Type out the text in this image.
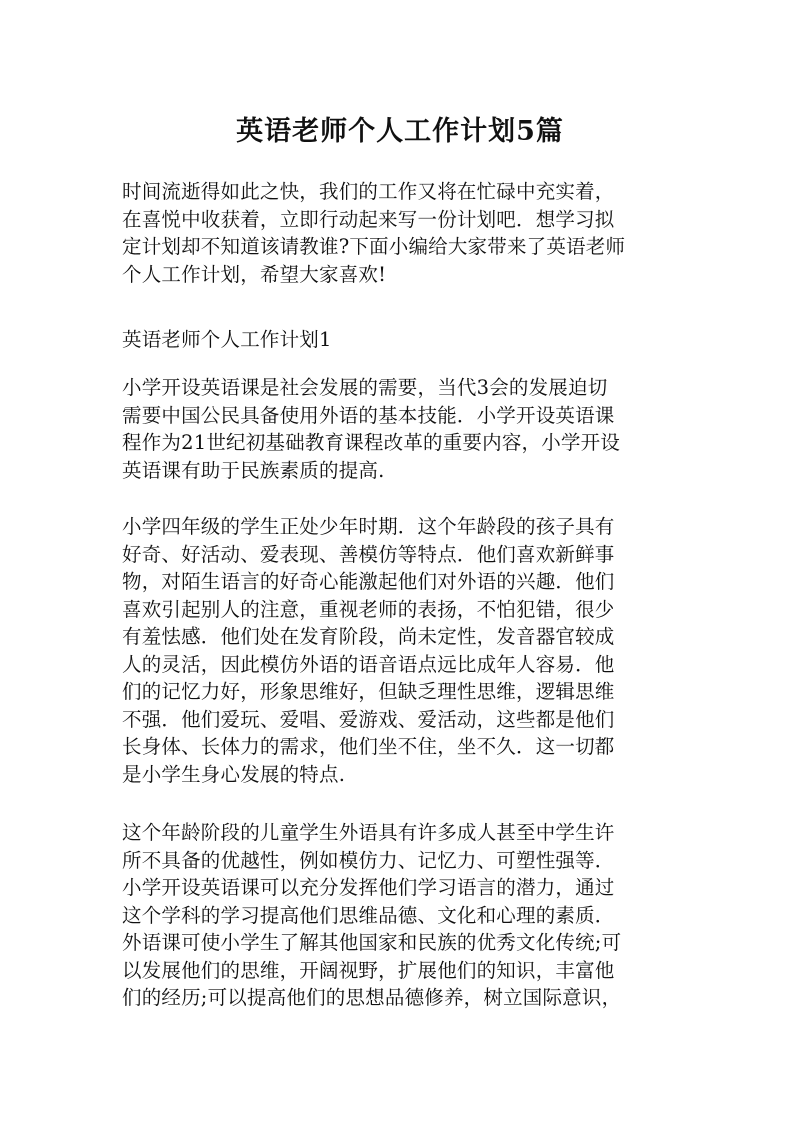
英语老师个人工作计划5篇
时间流逝得如此之快，我们的工作又将在忙碌中充实着，
在喜悦中收获着，立即行动起来写一份计划吧．想学习拟
定计划却不知道该请教谁?下面小编给大家带来了英语老师
个人工作计划，希望大家喜欢!
英语老师个人工作计划1
小学开设英语课是社会发展的需要，当代3会的发展迫切
需要中国公民具备使用外语的基本技能．小学开设英语课
程作为21世纪初基础教育课程改革的重要内容，小学开设
英语课有助于民族素质的提高.
小学四年级的学生正处少年时期．这个年龄段的孩子具有
好奇、好活动、爱表现、善模仿等特点．他们喜欢新鲜事
物，对陌生语言的好奇心能激起他们对外语的兴趣．他们
喜欢引起别人的注意，重视老师的表扬，不怕犯错，很少
有羞怯感．他们处在发育阶段，尚未定性，发音器官较成
人的灵活，因此模仿外语的语音语点远比成年人容易．他
们的记忆力好，形象思维好，但缺乏理性思维，逻辑思维
不强．他们爱玩、爱唱、爱游戏、爱活动，这些都是他们
长身体、长体力的需求，他们坐不住，坐不久．这一切都
是小学生身心发展的特点.
这个年龄阶段的儿童学生外语具有许多成人甚至中学生许
所不具备的优越性，例如模仿力、记忆力、可塑性强等．
小学开设英语课可以充分发挥他们学习语言的潜力，通过
这个学科的学习提高他们思维品德、文化和心理的素质．
外语课可使小学生了解其他国家和民族的优秀文化传统;可
以发展他们的思维，开阔视野，扩展他们的知识，丰富他
们的经历;可以提高他们的思想品德修养，树立国际意识，
